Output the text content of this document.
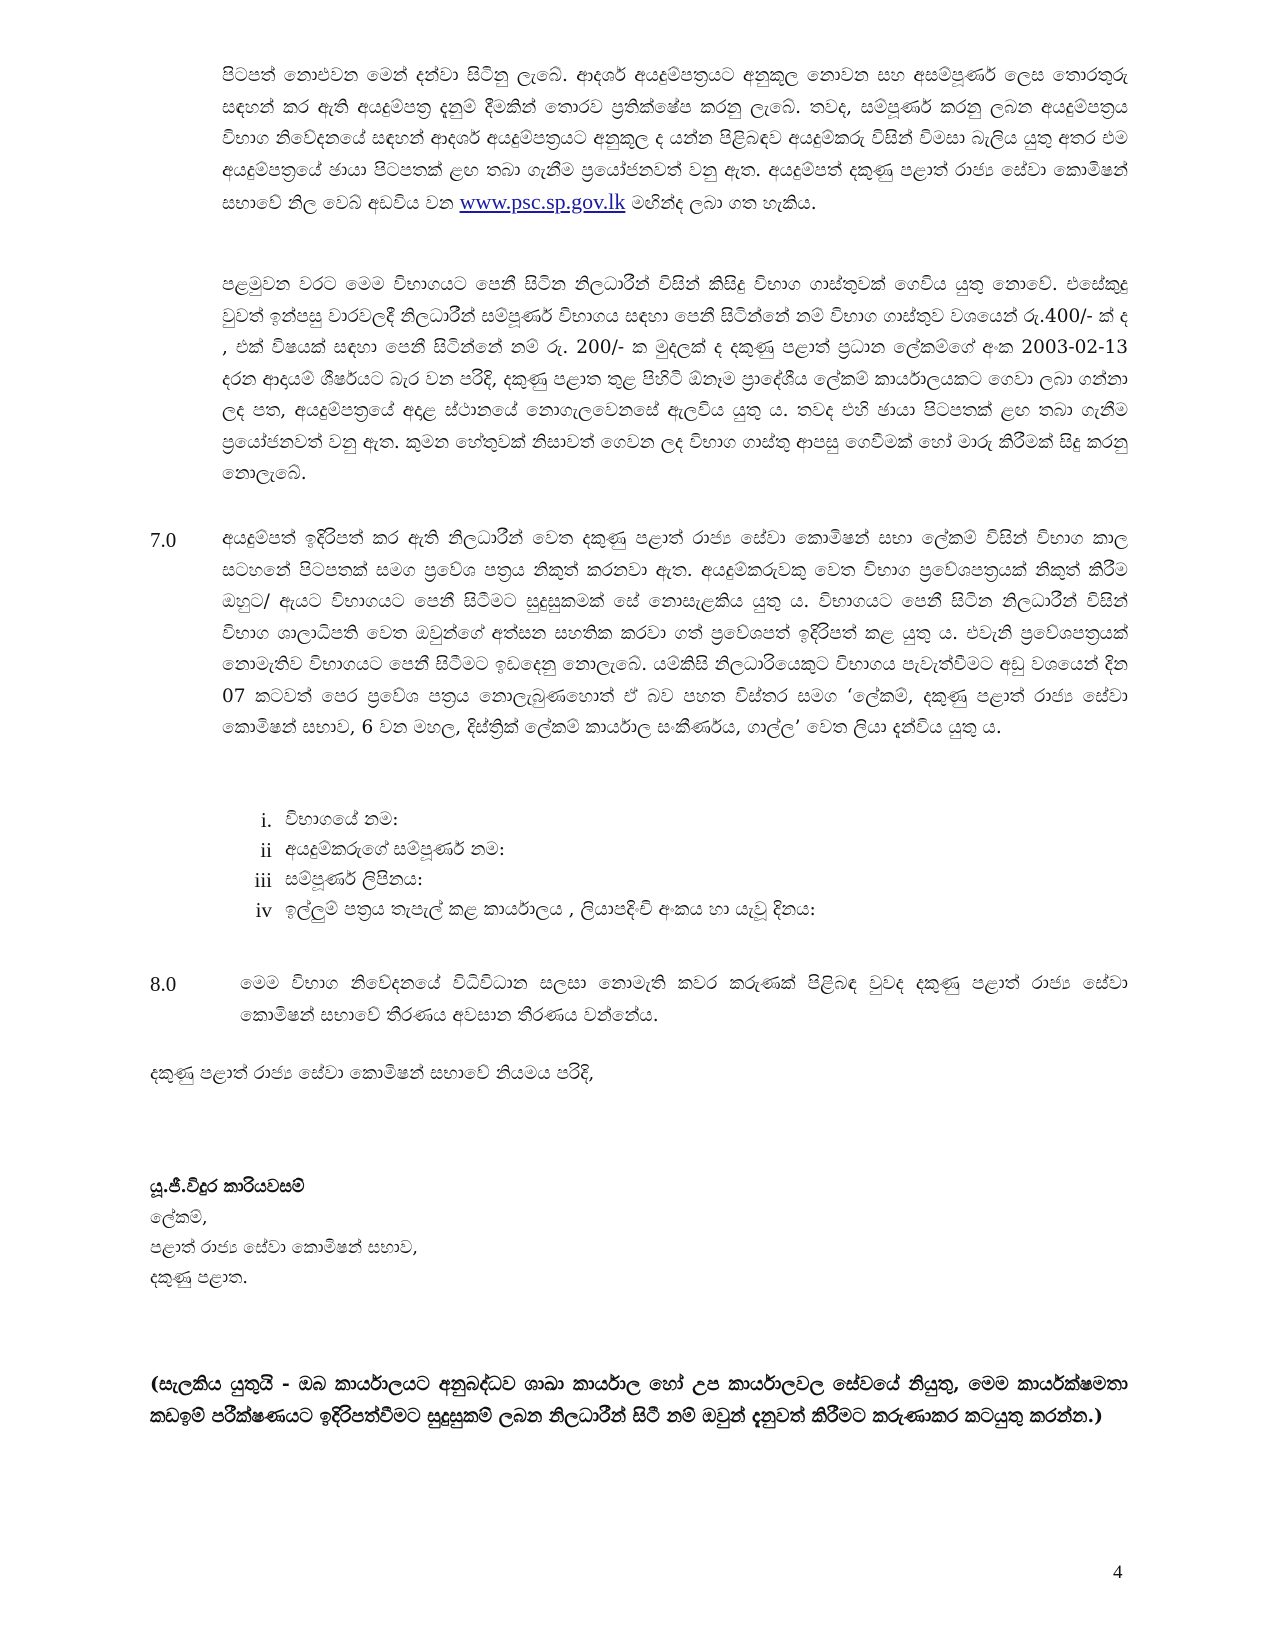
පිටපත් නොඑවන මෙන් දන්වා සිටිනු ලැබේ. ආදර්ශ අයදුම්පත්‍රයට අනුකූල නොවන සහ අසම්පූර්ණ ලෙස තොරතුරු සඳහන් කර ඇති අයදුම්පත්‍ර දැනුම් දීමකින් තොරව ප්‍රතික්ෂේප කරනු ලැබේ. තවද, සම්පූර්ණ කරනු ලබන අයදුම්පත්‍රය විභාග නිවේදනයේ සඳහන් ආදර්ශ අයදුම්පත්‍රයට අනුකූල ද යන්න පිළිබඳව අයදුම්කරු විසින් විමසා බැලිය යුතු අතර එම අයදුම්පත්‍රයේ ඡායා පිටපතක් ළඟ තබා ගැනීම ප්‍රයෝජනවත් වනු ඇත. අයදුම්පත් දකුණු පළාත් රාජ්‍ය සේවා කොමිෂන් සභාවේ නිල වෙබ් අඩවිය වන www.psc.sp.gov.lk මඟින්ද ලබා ගත හැකිය.

පළමුවන වරට මෙම විභාගයට පෙනී සිටින නිලධාරීන් විසින් කිසිදු විභාග ගාස්තුවක් ගෙවිය යුතු නොවේ. එසේකුදු වුවත් ඉන්පසු වාරවලදී නිලධාරීන් සම්පූර්ණ විභාගය සඳහා පෙනී සිටින්නේ නම් විභාග ගාස්තුව වශයෙන් රු.400/- ක් ද , එක් විෂයක් සඳහා පෙනී සිටින්නේ නම් රු. 200/- ක මුදලක් ද දකුණු පළාත් ප්‍රධාන ලේකම්ගේ අංක 2003-02-13 දරන ආදායම් ශීර්ෂයට බැර වන පරිදි, දකුණු පළාත තුළ පිහිටි ඕනෑම ප්‍රාදේශීය ලේකම් කාර්යාලයකට ගෙවා ලබා ගන්නා ලද පත, අයදුම්පත්‍රයේ අදාළ ස්ථානයේ නොගැලවෙනසේ ඇලවිය යුතු ය. තවද එහි ඡායා පිටපතක් ළඟ තබා ගැනීම ප්‍රයෝජනවත් වනු ඇත. කුමන හේතුවක් නිසාවත් ගෙවන ලද විභාග ගාස්තු ආපසු ගෙවීමක් හෝ මාරු කිරීමක් සිදු කරනු නොලැබේ.

7.0 අයදුම්පත් ඉදිරිපත් කර ඇති නිලධාරීන් වෙත දකුණු පළාත් රාජ්‍ය සේවා කොමිෂන් සභා ලේකම් විසින් විභාග කාල සටහනේ පිටපතක් සමග ප්‍රවේශ පත්‍රය නිකුත් කරනවා ඇත. අයදුම්කරුවකු වෙත විභාග ප්‍රවේශපත්‍රයක් නිකුත් කිරීම ඔහුට/ ඇයට විභාගයට පෙනී සිටීමට සුදුසුකමක් සේ නොසැළකිය යුතු ය. විභාගයට පෙනී සිටින නිලධාරීන් විසින් විභාග ශාලාධිපති වෙත ඔවුන්ගේ අත්සන සහතික කරවා ගත් ප්‍රවේශපත් ඉදිරිපත් කළ යුතු ය. එවැනි ප්‍රවේශපත්‍රයක් නොමැතිව විභාගයට පෙනී සිටීමට ඉඩදෙනු නොලැබේ. යම්කිසි නිලධාරියෙකුට විභාගය පැවැත්වීමට අඩු වශයෙන් දින 07 කටවත් පෙර ප්‍රවේශ පත්‍රය නොලැබුණහොත් ඒ බව පහත විස්තර සමග ‘ලේකම්, දකුණු පළාත් රාජ්‍ය සේවා කොමිෂන් සභාව, 6 වන මහල, දිස්ත්‍රික් ලේකම් කාර්යාල සංකීර්ණය, ගාල්ල’ වෙත ලියා දැන්විය යුතු ය.

i. විභාගයේ නම:
ii අයදුම්කරුගේ සම්පූර්ණ නම:
iii සම්පූර්ණ ලිපිනය:
iv ඉල්ලුම් පත්‍රය තැපැල් කළ කාර්යාලය , ලියාපදිංචි අංකය හා යැවූ දිනය:
8.0	මෙම විභාග නිවේදනයේ විධිවිධාන සලසා නොමැති කවර කරුණක් පිළිබඳ වුවද දකුණු පළාත් රාජ්‍ය සේවා කොමිෂන් සභාවේ තීරණය අවසාන තීරණය වන්නේය.

දකුණු පළාත් රාජ්‍ය සේවා කොමිෂන් සභාවේ නියමය පරිදි,

යූ.ජී.විදුර කාරියවසම්
ලේකම්,
පළාත් රාජ්‍ය සේවා කොමිෂන් සභාව,
දකුණු පළාත.

(සැලකිය යුතුයි - ඔබ කාර්යාලයට අනුබද්ධව ශාඛා කාර්යාල හෝ උප කාර්යාලවල සේවයේ නියුතු, මෙම කාර්යක්ෂමතා කඩඉම් පරීක්ෂණයට ඉදිරිපත්වීමට සුදුසුකම් ලබන නිලධාරීන් සිටී නම් ඔවුන් දැනුවත් කිරීමට කරුණාකර කටයුතු කරන්න.)

4
